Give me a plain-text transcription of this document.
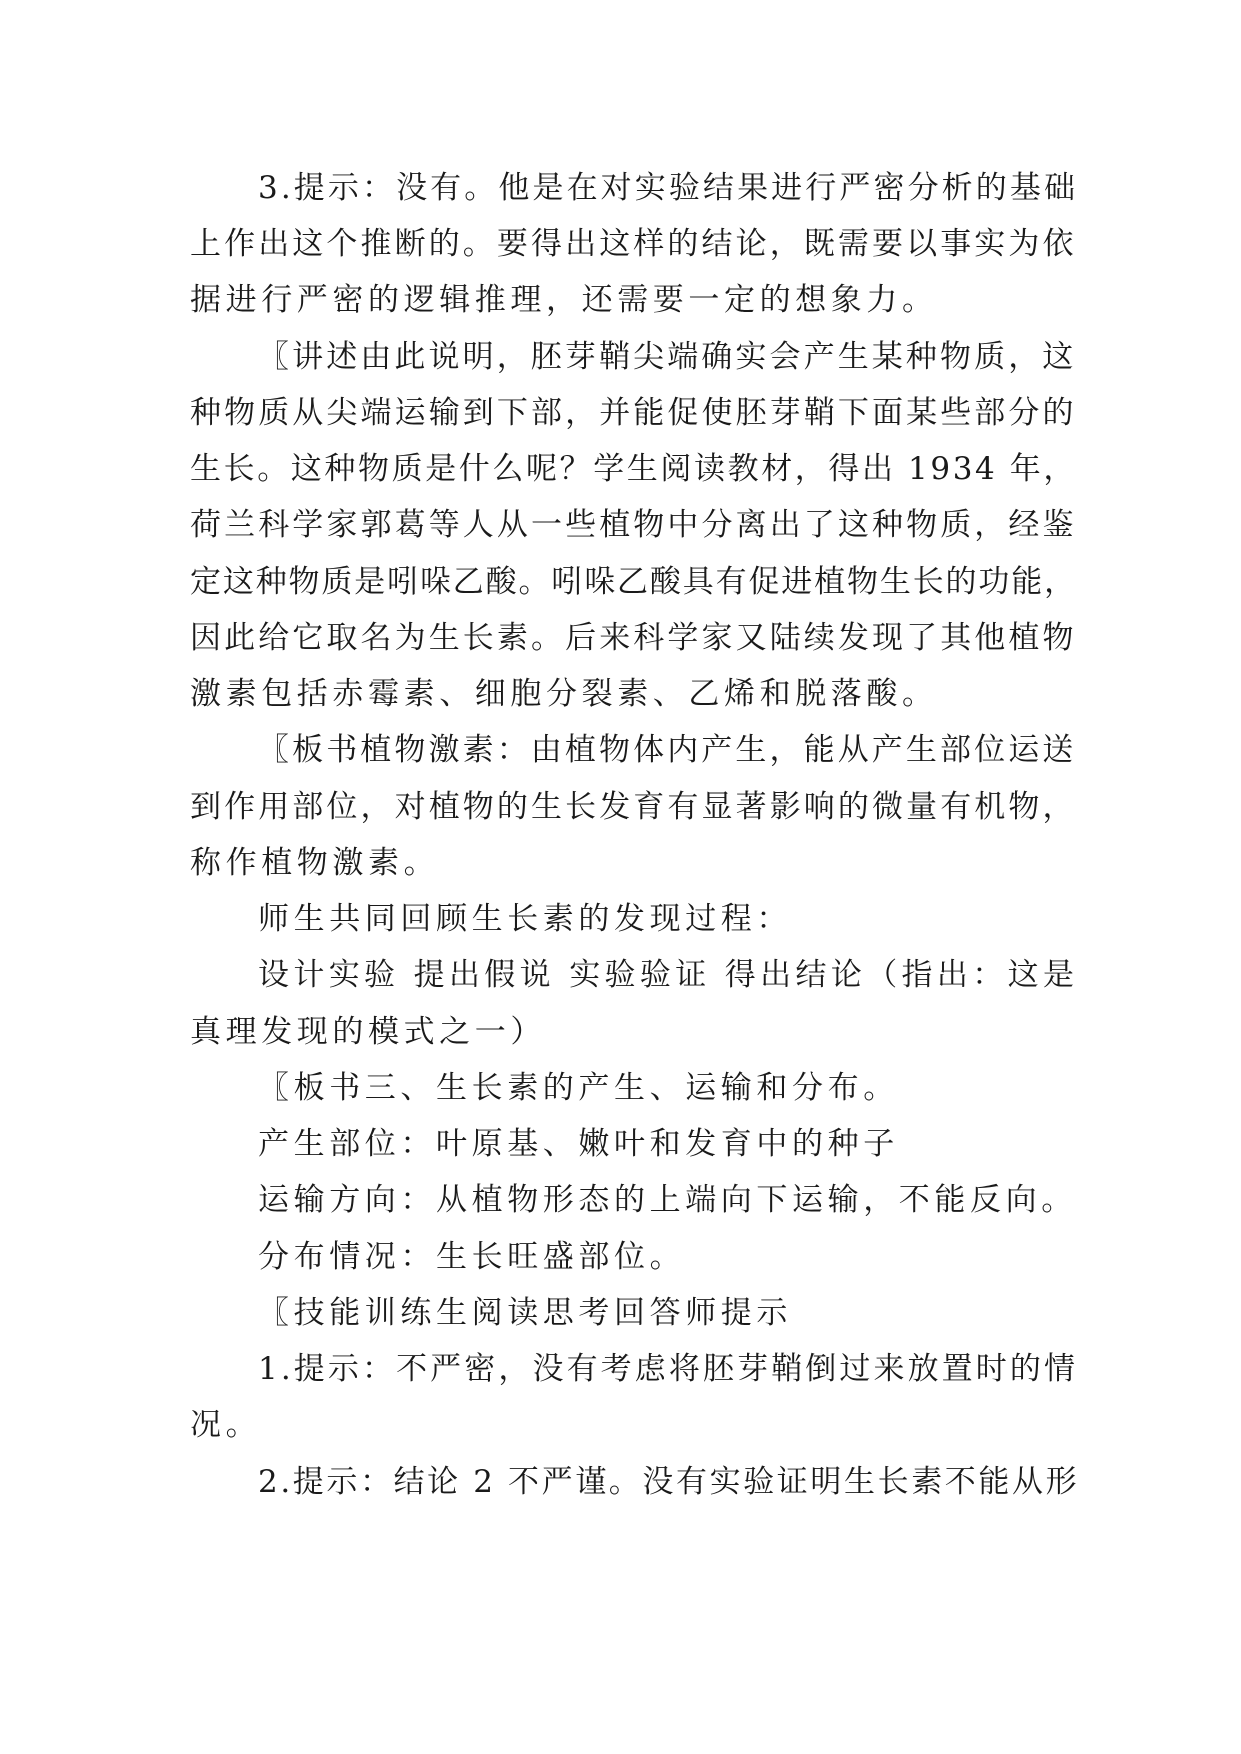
3.提示：没有。他是在对实验结果进行严密分析的基础
上作出这个推断的。要得出这样的结论，既需要以事实为依
据进行严密的逻辑推理，还需要一定的想象力。
〖讲述由此说明，胚芽鞘尖端确实会产生某种物质，这
种物质从尖端运输到下部，并能促使胚芽鞘下面某些部分的
生长。这种物质是什么呢？学生阅读教材，得出 1934 年，
荷兰科学家郭葛等人从一些植物中分离出了这种物质，经鉴
定这种物质是吲哚乙酸。吲哚乙酸具有促进植物生长的功能，
因此给它取名为生长素。后来科学家又陆续发现了其他植物
激素包括赤霉素、细胞分裂素、乙烯和脱落酸。
〖板书植物激素：由植物体内产生，能从产生部位运送
到作用部位，对植物的生长发育有显著影响的微量有机物，
称作植物激素。
师生共同回顾生长素的发现过程：
设计实验 提出假说 实验验证 得出结论（指出：这是
真理发现的模式之一）
〖板书三、生长素的产生、运输和分布。
产生部位：叶原基、嫩叶和发育中的种子
运输方向：从植物形态的上端向下运输，不能反向。
分布情况：生长旺盛部位。
〖技能训练生阅读思考回答师提示
1.提示：不严密，没有考虑将胚芽鞘倒过来放置时的情
况。
2.提示：结论 2 不严谨。没有实验证明生长素不能从形
